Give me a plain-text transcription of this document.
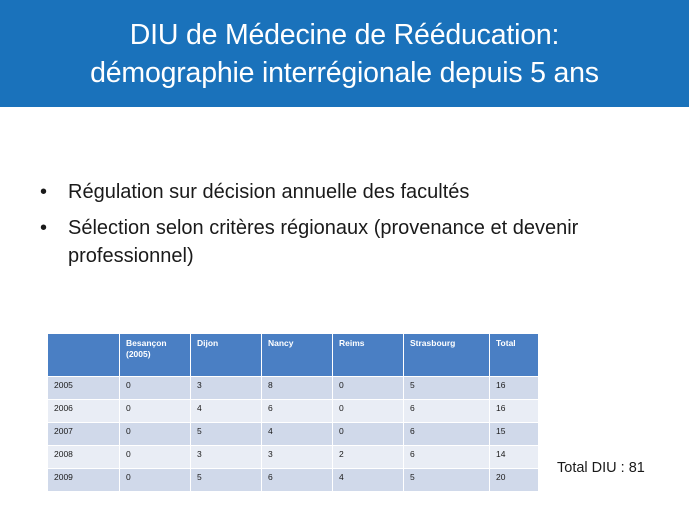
DIU de Médecine de Rééducation:
démographie interrégionale depuis 5 ans
• Régulation sur décision annuelle des facultés
• Sélection selon critères régionaux (provenance et devenir professionnel)
	Besançon (2005)	Dijon	Nancy	Reims	Strasbourg	Total
2005	0	3	8	0	5	16
2006	0	4	6	0	6	16
2007	0	5	4	0	6	15
2008	0	3	3	2	6	14
2009	0	5	6	4	5	20
Total DIU : 81
